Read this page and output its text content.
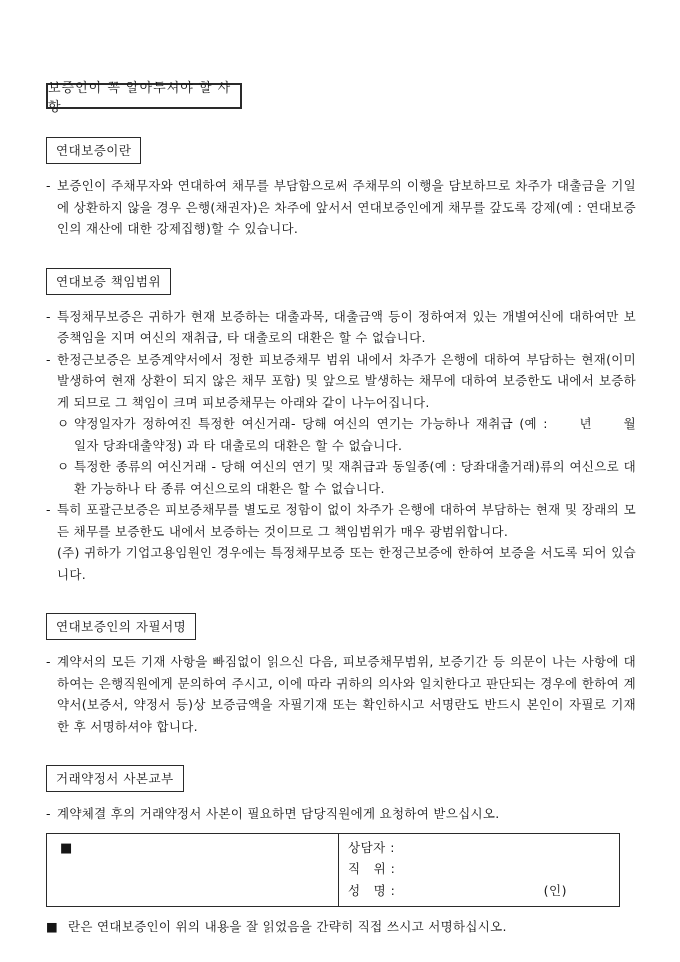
보증인이 꼭 알아두셔야 할 사항
연대보증이란
- 보증인이 주채무자와 연대하여 채무를 부담함으로써 주채무의 이행을 담보하므로 차주가 대출금을 기일에 상환하지 않을 경우 은행(채권자)은 차주에 앞서서 연대보증인에게 채무를 갚도록 강제(예 : 연대보증인의 재산에 대한 강제집행)할 수 있습니다.
연대보증 책임범위
- 특정채무보증은 귀하가 현재 보증하는 대출과목, 대출금액 등이 정하여져 있는 개별여신에 대하여만 보증책임을 지며 여신의 재취급, 타 대출로의 대환은 할 수 없습니다.
- 한정근보증은 보증계약서에서 정한 피보증채무 범위 내에서 차주가 은행에 대하여 부담하는 현재(이미 발생하여 현재 상환이 되지 않은 채무 포함) 및 앞으로 발생하는 채무에 대하여 보증한도 내에서 보증하게 되므로 그 책임이 크며 피보증채무는 아래와 같이 나누어집니다.
ㅇ 약정일자가 정하여진 특정한 여신거래- 당해 여신의 연기는 가능하나 재취급 (예 :　　년　　월　　일자 당좌대출약정) 과 타 대출로의 대환은 할 수 없습니다.
ㅇ 특정한 종류의 여신거래 - 당해 여신의 연기 및 재취급과 동일종(예 : 당좌대출거래)류의 여신으로 대환 가능하나 타 종류 여신으로의 대환은 할 수 없습니다.
- 특히 포괄근보증은 피보증채무를 별도로 정함이 없이 차주가 은행에 대하여 부담하는 현재 및 장래의 모든 채무를 보증한도 내에서 보증하는 것이므로 그 책임범위가 매우 광범위합니다.
(주) 귀하가 기업고용임원인 경우에는 특정채무보증 또는 한정근보증에 한하여 보증을 서도록 되어 있습니다.
연대보증인의 자필서명
- 계약서의 모든 기재 사항을 빠짐없이 읽으신 다음, 피보증채무범위, 보증기간 등 의문이 나는 사항에 대하여는 은행직원에게 문의하여 주시고, 이에 따라 귀하의 의사와 일치한다고 판단되는 경우에 한하여 계약서(보증서, 약정서 등)상 보증금액을 자필기재 또는 확인하시고 서명란도 반드시 본인이 자필로 기재한 후 서명하셔야 합니다.
거래약정서 사본교부
- 계약체결 후의 거래약정서 사본이 필요하면 담당직원에게 요청하여 받으십시오.
■	상담자 :
직　위 :
성　명 :	(인)
■ 란은 연대보증인이 위의 내용을 잘 읽었음을 간략히 직접 쓰시고 서명하십시오.
